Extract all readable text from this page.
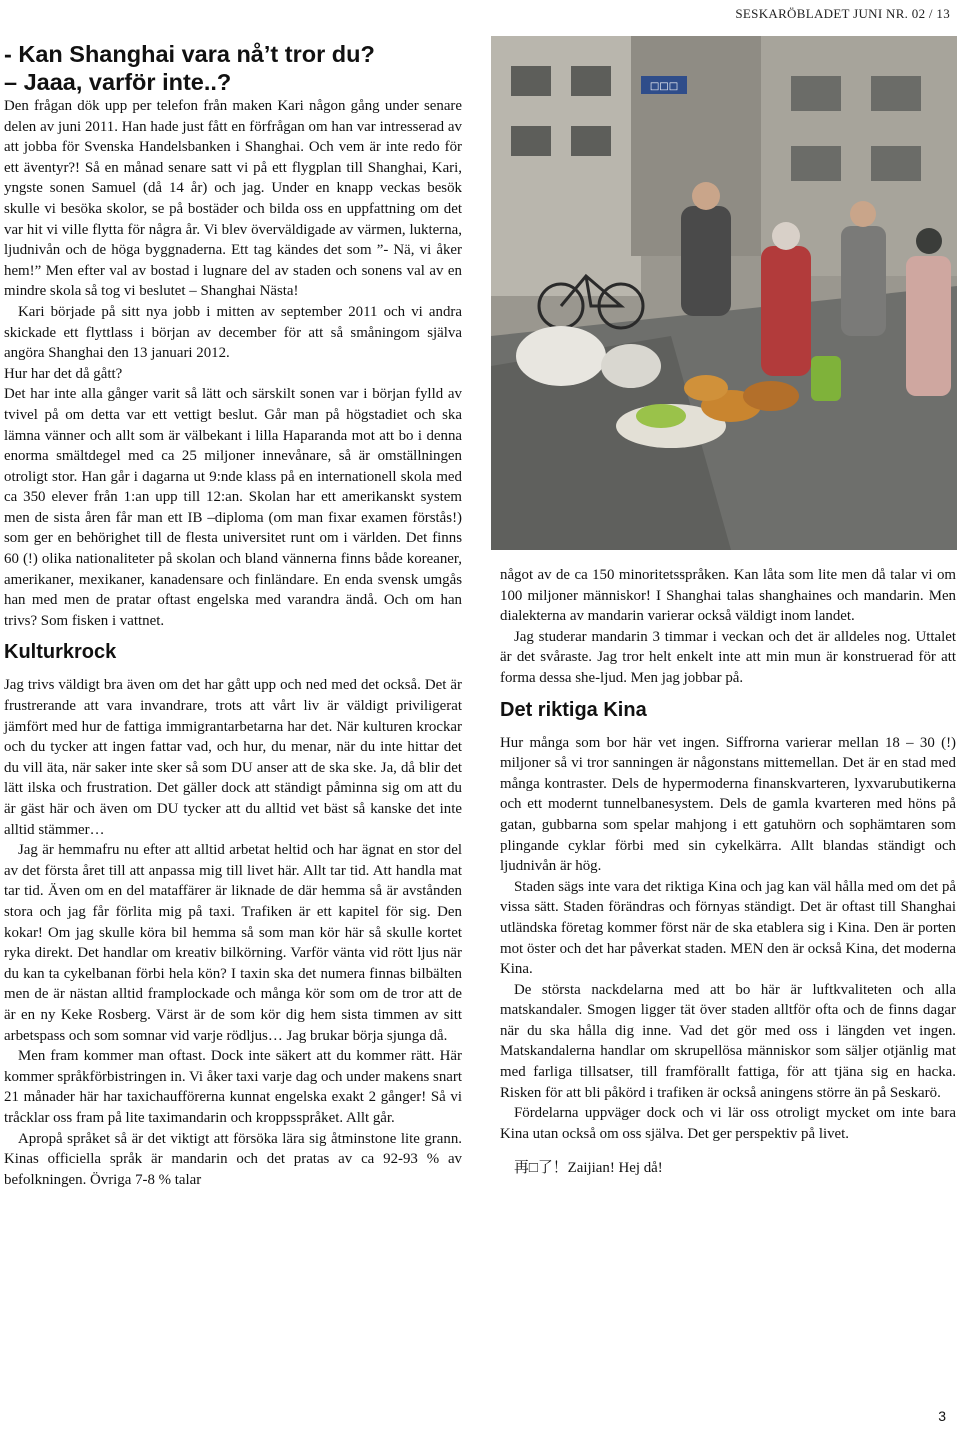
SESKARÖBLADET JUNI NR. 02 / 13
- Kan Shanghai vara nå’t tror du?
– Jaaa, varför inte..?

Den frågan dök upp per telefon från maken Kari någon gång under senare delen av juni 2011. Han hade just fått en förfrågan om han var intresserad av att jobba för Svenska Handelsbanken i Shanghai. Och vem är inte redo för ett äventyr?! Så en månad senare satt vi på ett flygplan till Shanghai, Kari, yngste sonen Samuel (då 14 år) och jag. Under en knapp veckas besök skulle vi besöka skolor, se på bostäder och bilda oss en uppfattning om det var hit vi ville flytta för några år. Vi blev överväldigade av värmen, lukterna, ljudnivån och de höga byggnaderna. Ett tag kändes det som ”- Nä, vi åker hem!” Men efter val av bostad i lugnare del av staden och sonens val av en mindre skola så tog vi beslutet – Shanghai Nästa!

Kari började på sitt nya jobb i mitten av september 2011 och vi andra skickade ett flyttlass i början av december för att så småningom själva angöra Shanghai den 13 januari 2012.

Hur har det då gått?

Det har inte alla gånger varit så lätt och särskilt sonen var i början fylld av tvivel på om detta var ett vettigt beslut. Går man på högstadiet och ska lämna vänner och allt som är välbekant i lilla Haparanda mot att bo i denna enorma smältdegel med ca 25 miljoner innevånare, så är omställningen otroligt stor. Han går i dagarna ut 9:nde klass på en internationell skola med ca 350 elever från 1:an upp till 12:an. Skolan har ett amerikanskt system men de sista åren får man ett IB –diploma (om man fixar examen förstås!) som ger en behörighet till de flesta universitet runt om i världen. Det finns 60 (!) olika nationaliteter på skolan och bland vännerna finns både koreaner, amerikaner, mexikaner, kanadensare och finländare. En enda svensk umgås han med men de pratar oftast engelska med varandra ändå. Och om han trivs? Som fisken i vattnet.

Kulturkrock

Jag trivs väldigt bra även om det har gått upp och ned med det också. Det är frustrerande att vara invandrare, trots att vårt liv är väldigt priviligerat jämfört med hur de fattiga immigrantarbetarna har det. När kulturen krockar och du tycker att ingen fattar vad, och hur, du menar, när du inte hittar det du vill äta, när saker inte sker så som DU anser att de ska ske. Ja, då blir det lätt ilska och frustration. Det gäller dock att ständigt påminna sig om att du är gäst här och även om DU tycker att du alltid vet bäst så kanske det inte alltid stämmer…

Jag är hemmafru nu efter att alltid arbetat heltid och har ägnat en stor del av det första året till att anpassa mig till livet här. Allt tar tid. Att handla mat tar tid. Även om en del mataffärer är liknade de där hemma så är avstånden stora och jag får förlita mig på taxi. Trafiken är ett kapitel för sig. Den kokar! Om jag skulle köra bil hemma så som man kör här så skulle kortet ryka direkt. Det handlar om kreativ bilkörning. Varför vänta vid rött ljus när du kan ta cykelbanan förbi hela kön? I taxin ska det numera finnas bilbälten men de är nästan alltid framplockade och många kör som om de tror att de är en ny Keke Rosberg. Värst är de som kör dig hem sista timmen av sitt arbetspass och som somnar vid varje rödljus… Jag brukar börja sjunga då.

Men fram kommer man oftast. Dock inte säkert att du kommer rätt. Här kommer språkförbistringen in. Vi åker taxi varje dag och under makens snart 21 månader här har taxichaufförerna kunnat engelska exakt 2 gånger! Så vi tråcklar oss fram på lite taximandarin och kroppsspråket. Allt går.

Apropå språket så är det viktigt att försöka lära sig åtminstone lite grann. Kinas officiella språk är mandarin och det pratas av ca 92-93 % av befolkningen. Övriga 7-8 % talar

□□□

något av de ca 150 minoritetsspråken. Kan låta som lite men då talar vi om 100 miljoner människor! I Shanghai talas shanghaines och mandarin. Men dialekterna av mandarin varierar också väldigt inom landet.

Jag studerar mandarin 3 timmar i veckan och det är alldeles nog. Uttalet är det svåraste. Jag tror helt enkelt inte att min mun är konstruerad för att forma dessa she-ljud. Men jag jobbar på.

Det riktiga Kina

Hur många som bor här vet ingen. Siffrorna varierar mellan 18 – 30 (!) miljoner så vi tror sanningen är någonstans mittemellan. Det är en stad med många kontraster. Dels de hypermoderna finanskvarteren, lyxvarubutikerna och ett modernt tunnelbanesystem. Dels de gamla kvarteren med höns på gatan, gubbarna som spelar mahjong i ett gatuhörn och sophämtaren som plingande cyklar förbi med sin cykelkärra. Allt blandas ständigt och ljudnivån är hög.

Staden sägs inte vara det riktiga Kina och jag kan väl hålla med om det på vissa sätt. Staden förändras och förnyas ständigt. Det är oftast till Shanghai utländska företag kommer först när de ska etablera sig i Kina. Den är porten mot öster och det har påverkat staden. MEN den är också Kina, det moderna Kina.

De största nackdelarna med att bo här är luftkvaliteten och alla matskandaler. Smogen ligger tät över staden alltför ofta och de finns dagar när du ska hålla dig inne. Vad det gör med oss i längden vet ingen. Matskandalerna handlar om skrupellösa människor som säljer otjänlig mat med farliga tillsatser, till framförallt fattiga, för att tjäna sig en hacka. Risken för att bli påkörd i trafiken är också aningens större än på Seskarö.

Fördelarna uppväger dock och vi lär oss otroligt mycket om inte bara Kina utan också om oss själva. Det ger perspektiv på livet.

再□了！Zaijian! Hej då!

3
